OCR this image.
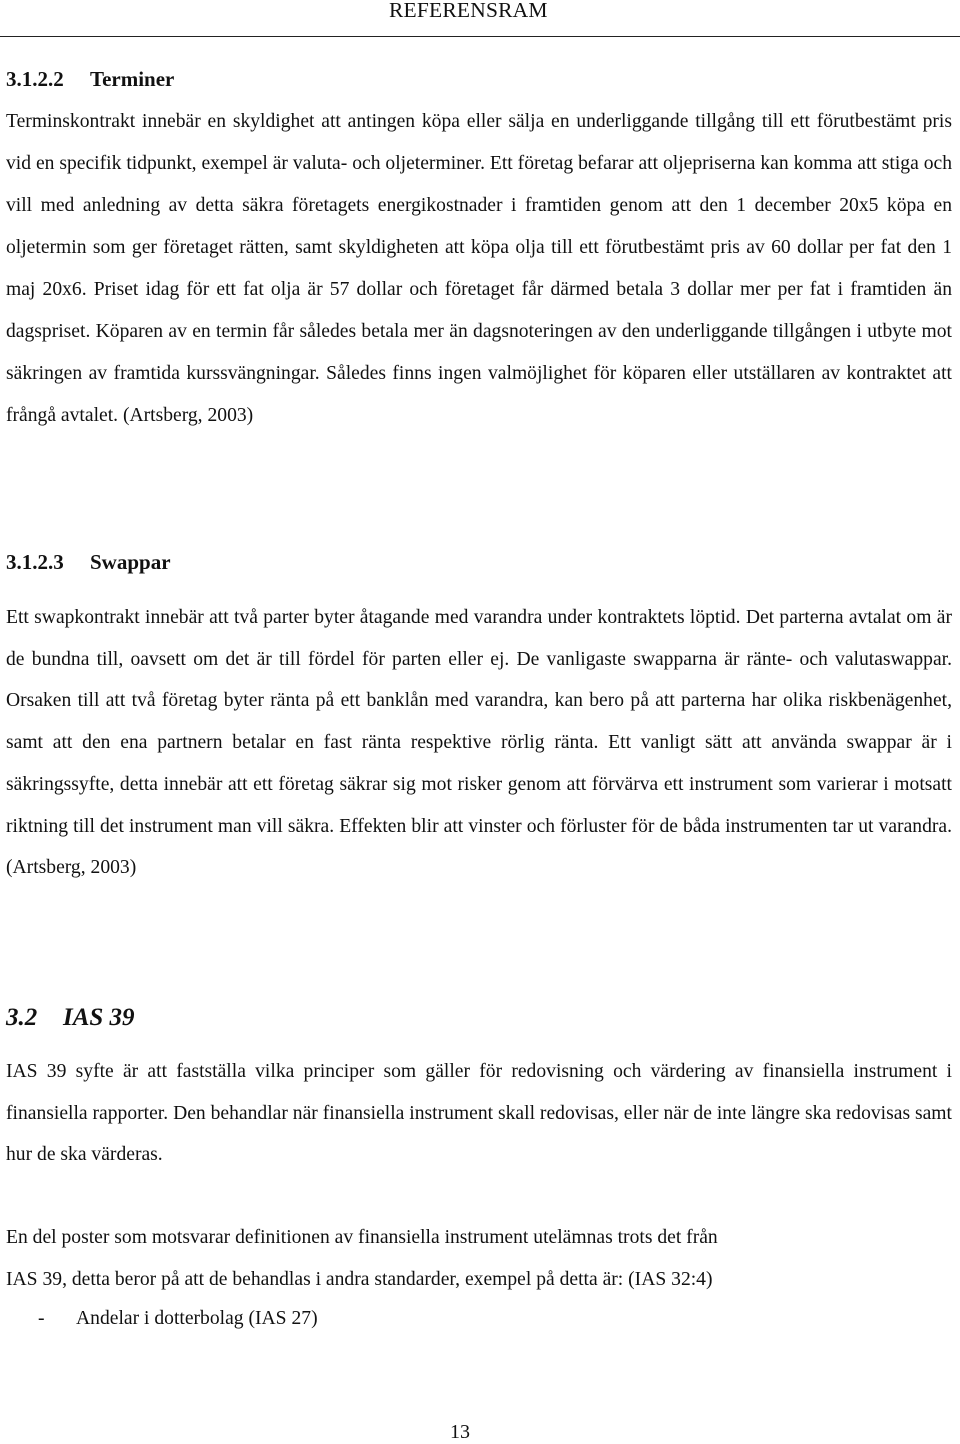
REFERENSRAM
3.1.2.2 Terminer

Terminskontrakt innebär en skyldighet att antingen köpa eller sälja en underliggande tillgång till ett förutbestämt pris vid en specifik tidpunkt, exempel är valuta- och oljeterminer. Ett företag befarar att oljepriserna kan komma att stiga och vill med anledning av detta säkra företagets energikostnader i framtiden genom att den 1 december 20x5 köpa en oljetermin som ger företaget rätten, samt skyldigheten att köpa olja till ett förutbestämt pris av 60 dollar per fat den 1 maj 20x6. Priset idag för ett fat olja är 57 dollar och företaget får därmed betala 3 dollar mer per fat i framtiden än dagspriset. Köparen av en termin får således betala mer än dagsnoteringen av den underliggande tillgången i utbyte mot säkringen av framtida kurssvängningar. Således finns ingen valmöjlighet för köparen eller utställaren av kontraktet att frångå avtalet. (Artsberg, 2003)

3.1.2.3 Swappar

Ett swapkontrakt innebär att två parter byter åtagande med varandra under kontraktets löptid. Det parterna avtalat om är de bundna till, oavsett om det är till fördel för parten eller ej. De vanligaste swapparna är ränte- och valutaswappar. Orsaken till att två företag byter ränta på ett banklån med varandra, kan bero på att parterna har olika riskbenägenhet, samt att den ena partnern betalar en fast ränta respektive rörlig ränta. Ett vanligt sätt att använda swappar är i säkringssyfte, detta innebär att ett företag säkrar sig mot risker genom att förvärva ett instrument som varierar i motsatt riktning till det instrument man vill säkra. Effekten blir att vinster och förluster för de båda instrumenten tar ut varandra. (Artsberg, 2003)

3.2 IAS 39

IAS 39 syfte är att fastställa vilka principer som gäller för redovisning och värdering av finansiella instrument i finansiella rapporter. Den behandlar när finansiella instrument skall redovisas, eller när de inte längre ska redovisas samt hur de ska värderas.

En del poster som motsvarar definitionen av finansiella instrument utelämnas trots det från
IAS 39, detta beror på att de behandlas i andra standarder, exempel på detta är: (IAS 32:4)
- Andelar i dotterbolag (IAS 27)
13
